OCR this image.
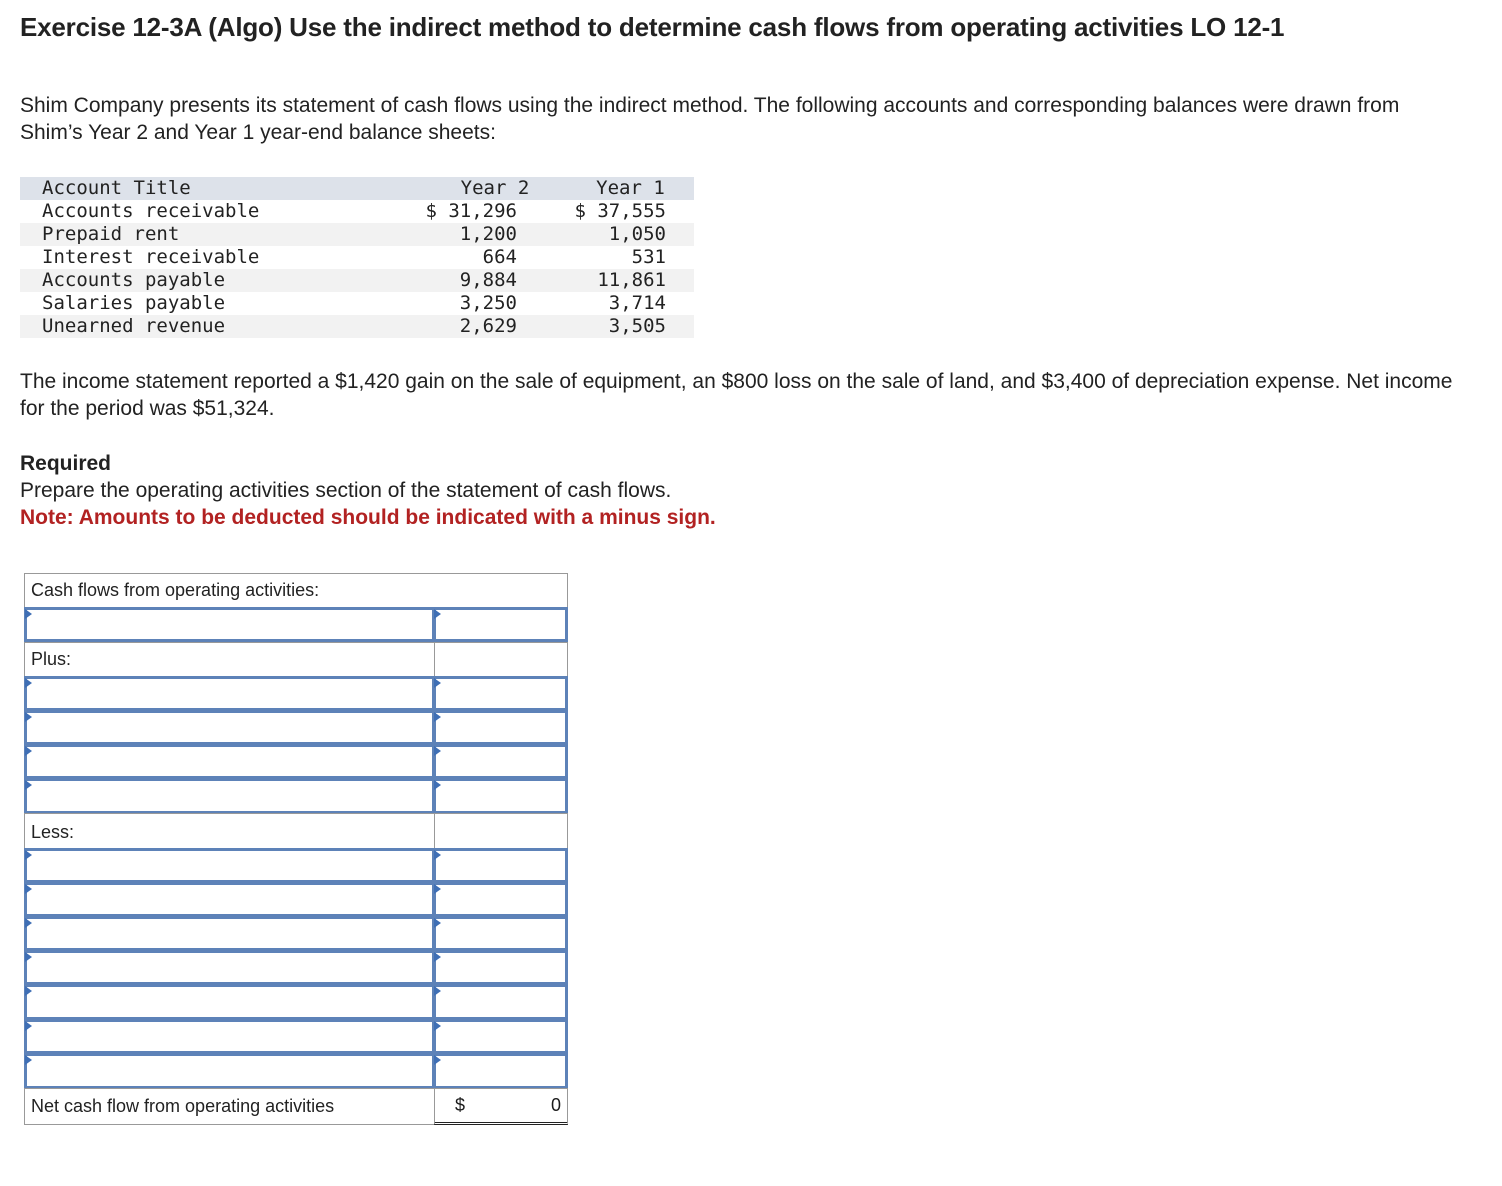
Exercise 12-3A (Algo) Use the indirect method to determine cash flows from operating activities LO 12-1
Shim Company presents its statement of cash flows using the indirect method. The following accounts and corresponding balances were drawn from Shim’s Year 2 and Year 1 year-end balance sheets:
Account Title	Year 2	Year 1
Accounts receivable	$ 31,296	$ 37,555
Prepaid rent	1,200	1,050
Interest receivable	664	531
Accounts payable	9,884	11,861
Salaries payable	3,250	3,714
Unearned revenue	2,629	3,505
The income statement reported a $1,420 gain on the sale of equipment, an $800 loss on the sale of land, and $3,400 of depreciation expense. Net income for the period was $51,324.
Required
Prepare the operating activities section of the statement of cash flows.
Note: Amounts to be deducted should be indicated with a minus sign.
Cash flows from operating activities:
Plus:
Less:
Net cash flow from operating activities	$	0
